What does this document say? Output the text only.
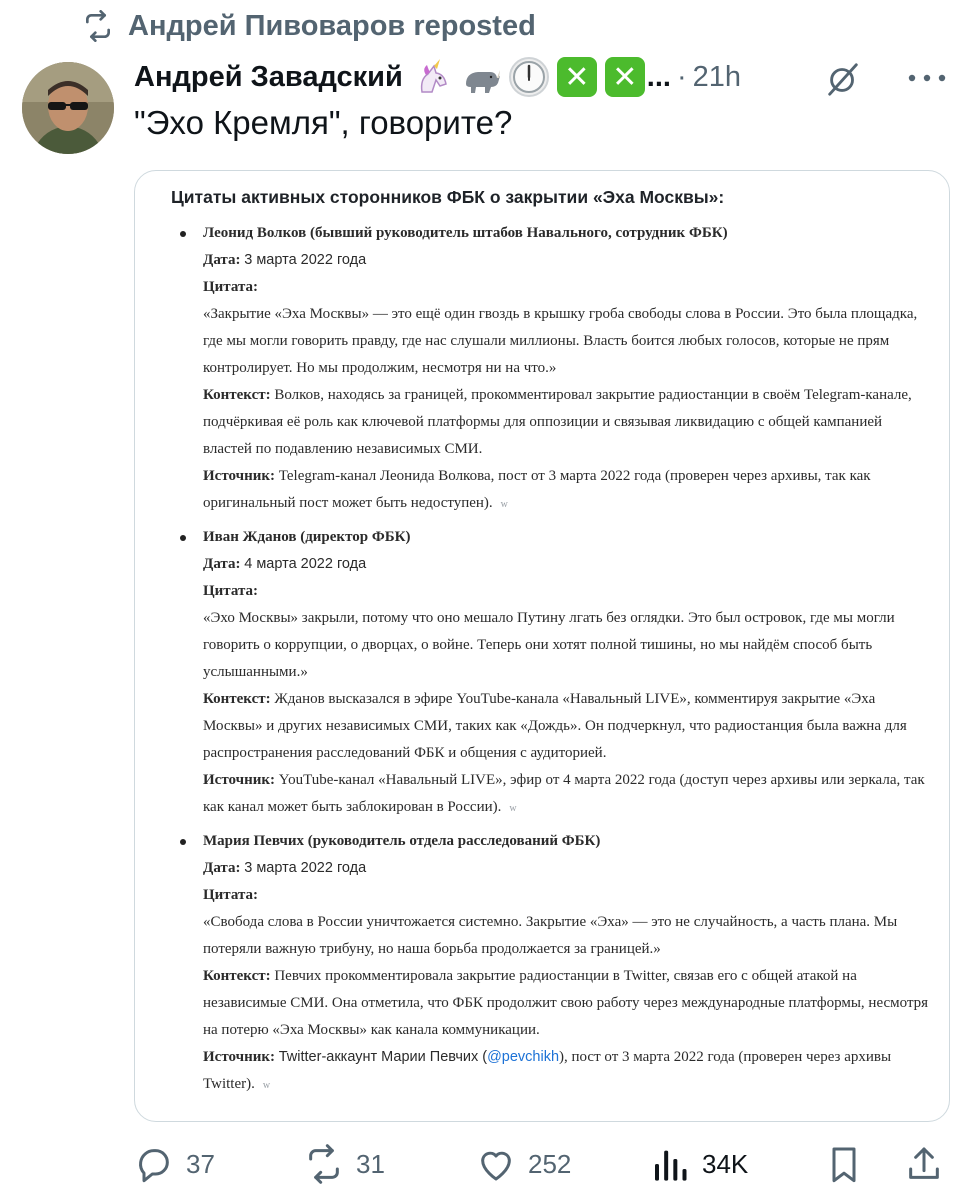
Андрей Пивоваров reposted
Андрей Завадский	✕ ✕ ... · 21h
"Эхо Кремля", говорите?
Цитаты активных сторонников ФБК о закрытии «Эха Москвы»:
Леонид Волков (бывший руководитель штабов Навального, сотрудник ФБК)
Дата: 3 марта 2022 года
Цитата:
«Закрытие «Эха Москвы» — это ещё один гвоздь в крышку гроба свободы слова в России. Это была площадка, где мы могли говорить правду, где нас слушали миллионы. Власть боится любых голосов, которые не прям контролирует. Но мы продолжим, несмотря ни на что.»
Контекст: Волков, находясь за границей, прокомментировал закрытие радиостанции в своём Telegram-канале, подчёркивая её роль как ключевой платформы для оппозиции и связывая ликвидацию с общей кампанией властей по подавлению независимых СМИ.
Источник: Telegram-канал Леонида Волкова, пост от 3 марта 2022 года (проверен через архивы, так как оригинальный пост может быть недоступен). w
Иван Жданов (директор ФБК)
Дата: 4 марта 2022 года
Цитата:
«Эхо Москвы» закрыли, потому что оно мешало Путину лгать без оглядки. Это был островок, где мы могли говорить о коррупции, о дворцах, о войне. Теперь они хотят полной тишины, но мы найдём способ быть услышанными.»
Контекст: Жданов высказался в эфире YouTube-канала «Навальный LIVE», комментируя закрытие «Эха Москвы» и других независимых СМИ, таких как «Дождь». Он подчеркнул, что радиостанция была важна для распространения расследований ФБК и общения с аудиторией.
Источник: YouTube-канал «Навальный LIVE», эфир от 4 марта 2022 года (доступ через архивы или зеркала, так как канал может быть заблокирован в России). w
Мария Певчих (руководитель отдела расследований ФБК)
Дата: 3 марта 2022 года
Цитата:
«Свобода слова в России уничтожается системно. Закрытие «Эха» — это не случайность, а часть плана. Мы потеряли важную трибуну, но наша борьба продолжается за границей.»
Контекст: Певчих прокомментировала закрытие радиостанции в Twitter, связав его с общей атакой на независимые СМИ. Она отметила, что ФБК продолжит свою работу через международные платформы, несмотря на потерю «Эха Москвы» как канала коммуникации.
Источник: Twitter-аккаунт Марии Певчих (@pevchikh), пост от 3 марта 2022 года (проверен через архивы Twitter). w
37	31	252	34K
